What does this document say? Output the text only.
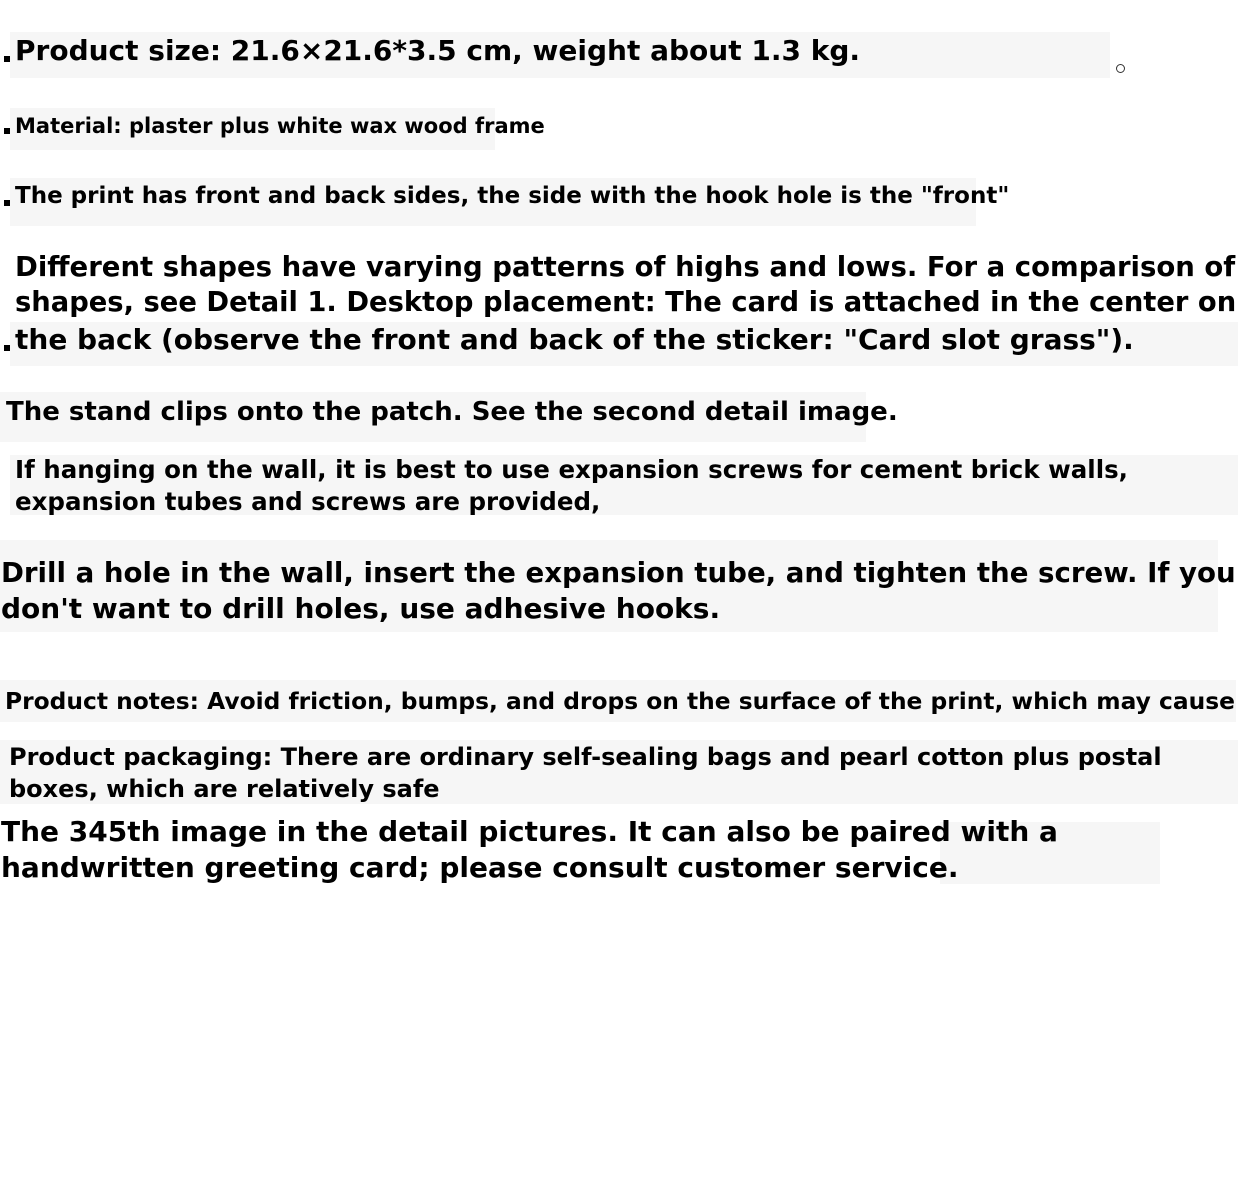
Product size: 21.6×21.6*3.5 cm, weight about 1.3 kg.
Material: plaster plus white wax wood frame
The print has front and back sides, the side with the hook hole is the "front"
Different shapes have varying patterns of highs and lows. For a comparison of
shapes, see Detail 1. Desktop placement: The card is attached in the center on
the back (observe the front and back of the sticker: "Card slot grass").
The stand clips onto the patch. See the second detail image.
If hanging on the wall, it is best to use expansion screws for cement brick walls,
expansion tubes and screws are provided,
Drill a hole in the wall, insert the expansion tube, and tighten the screw. If you
don't want to drill holes, use adhesive hooks.
Product notes: Avoid friction, bumps, and drops on the surface of the print, which may cause
Product packaging: There are ordinary self-sealing bags and pearl cotton plus postal
boxes, which are relatively safe
The 345th image in the detail pictures. It can also be paired with a
handwritten greeting card; please consult customer service.
